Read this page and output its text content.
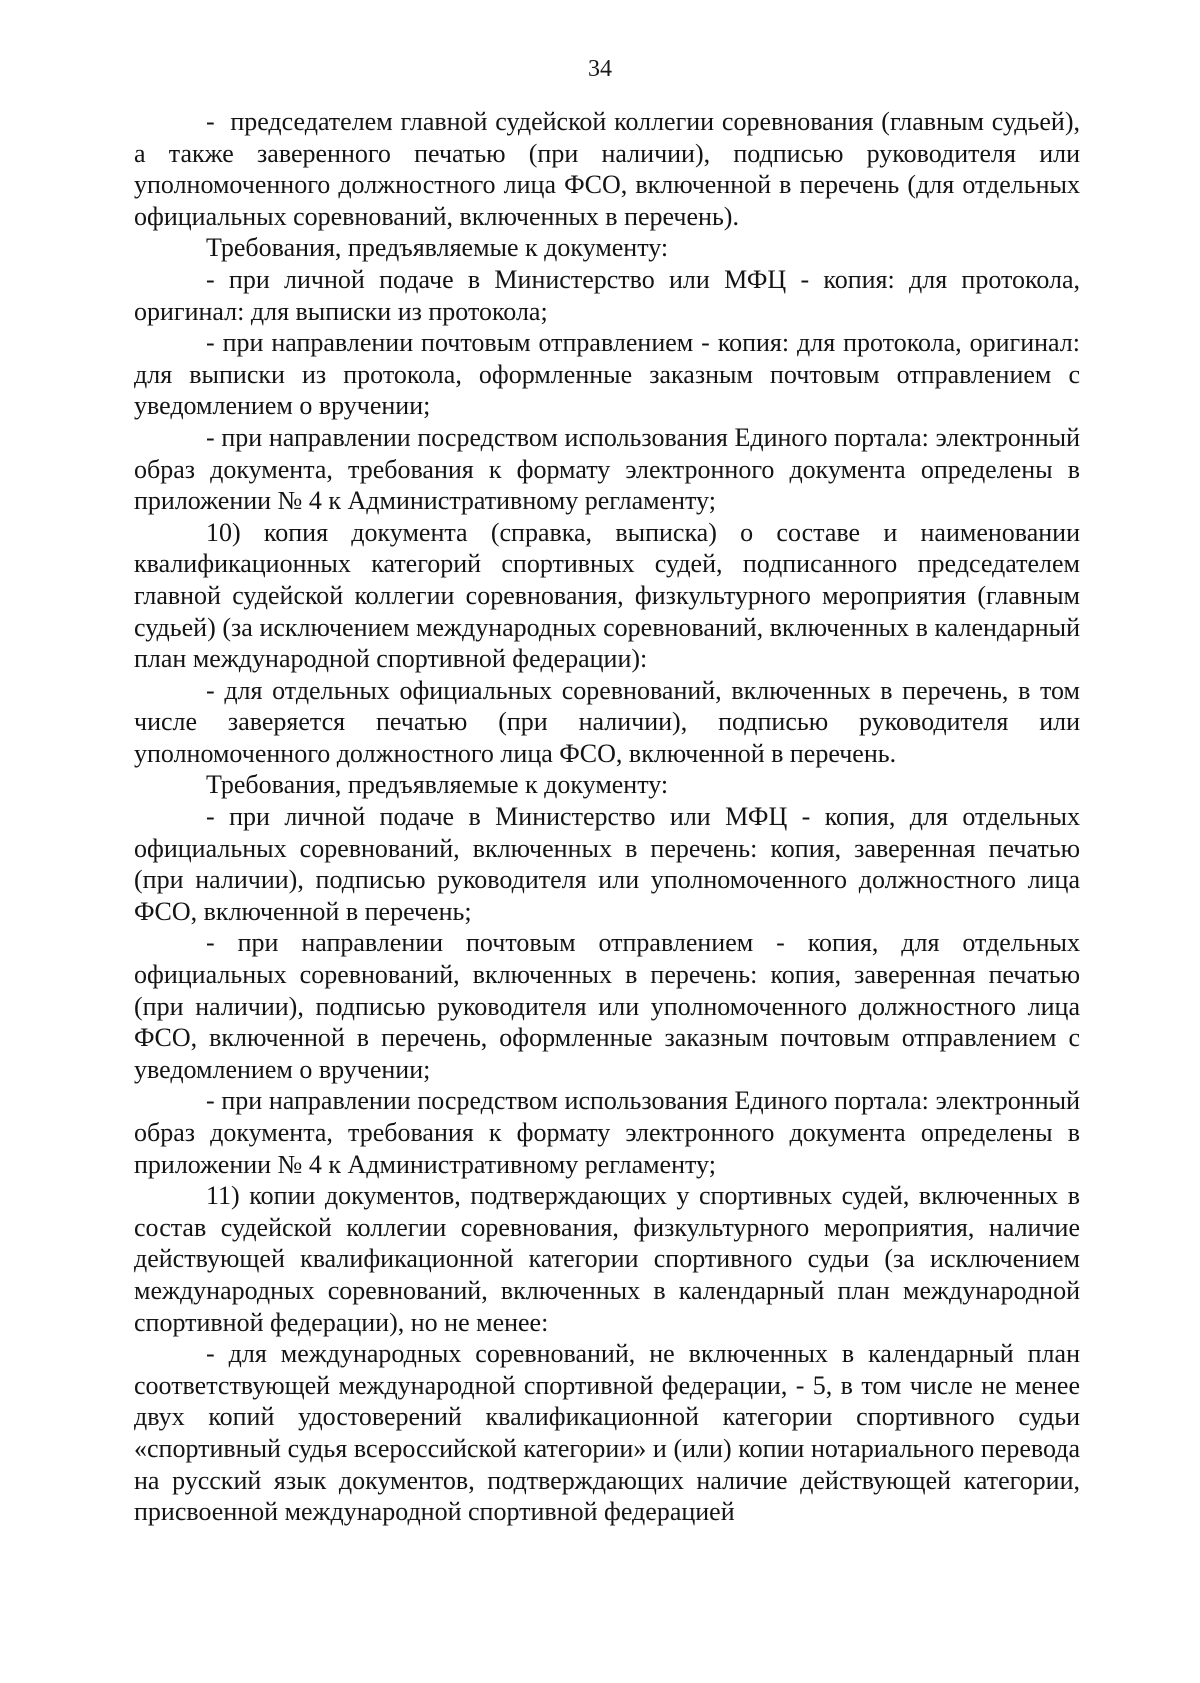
34

-  председателем главной судейской коллегии соревнования (главным судьей), а также заверенного печатью (при наличии), подписью руководителя или уполномоченного должностного лица ФСО, включенной в перечень (для отдельных официальных соревнований, включенных в перечень).

Требования, предъявляемые к документу:

- при личной подаче в Министерство или МФЦ - копия: для протокола, оригинал: для выписки из протокола;

- при направлении почтовым отправлением - копия: для протокола, оригинал: для выписки из протокола, оформленные заказным почтовым отправлением с уведомлением о вручении;

- при направлении посредством использования Единого портала: электронный образ документа, требования к формату электронного документа определены в приложении № 4 к Административному регламенту;

10) копия документа (справка, выписка) о составе и наименовании квалификационных категорий спортивных судей, подписанного председателем главной судейской коллегии соревнования, физкультурного мероприятия (главным судьей) (за исключением международных соревнований, включенных в календарный план международной спортивной федерации):

- для отдельных официальных соревнований, включенных в перечень, в том числе заверяется печатью (при наличии), подписью руководителя или уполномоченного должностного лица ФСО, включенной в перечень.

Требования, предъявляемые к документу:

- при личной подаче в Министерство или МФЦ - копия, для отдельных официальных соревнований, включенных в перечень: копия, заверенная печатью (при наличии), подписью руководителя или уполномоченного должностного лица ФСО, включенной в перечень;

- при направлении почтовым отправлением - копия, для отдельных официальных соревнований, включенных в перечень: копия, заверенная печатью (при наличии), подписью руководителя или уполномоченного должностного лица ФСО, включенной в перечень, оформленные заказным почтовым отправлением с уведомлением о вручении;

- при направлении посредством использования Единого портала: электронный образ документа, требования к формату электронного документа определены в приложении № 4 к Административному регламенту;

11) копии документов, подтверждающих у спортивных судей, включенных в состав судейской коллегии соревнования, физкультурного мероприятия, наличие действующей квалификационной категории спортивного судьи (за исключением международных соревнований, включенных в календарный план международной спортивной федерации), но не менее:

- для международных соревнований, не включенных в календарный план соответствующей международной спортивной федерации, - 5, в том числе не менее двух копий удостоверений квалификационной категории спортивного судьи «спортивный судья всероссийской категории» и (или) копии нотариального перевода на русский язык документов, подтверждающих наличие действующей категории, присвоенной международной спортивной федерацией
